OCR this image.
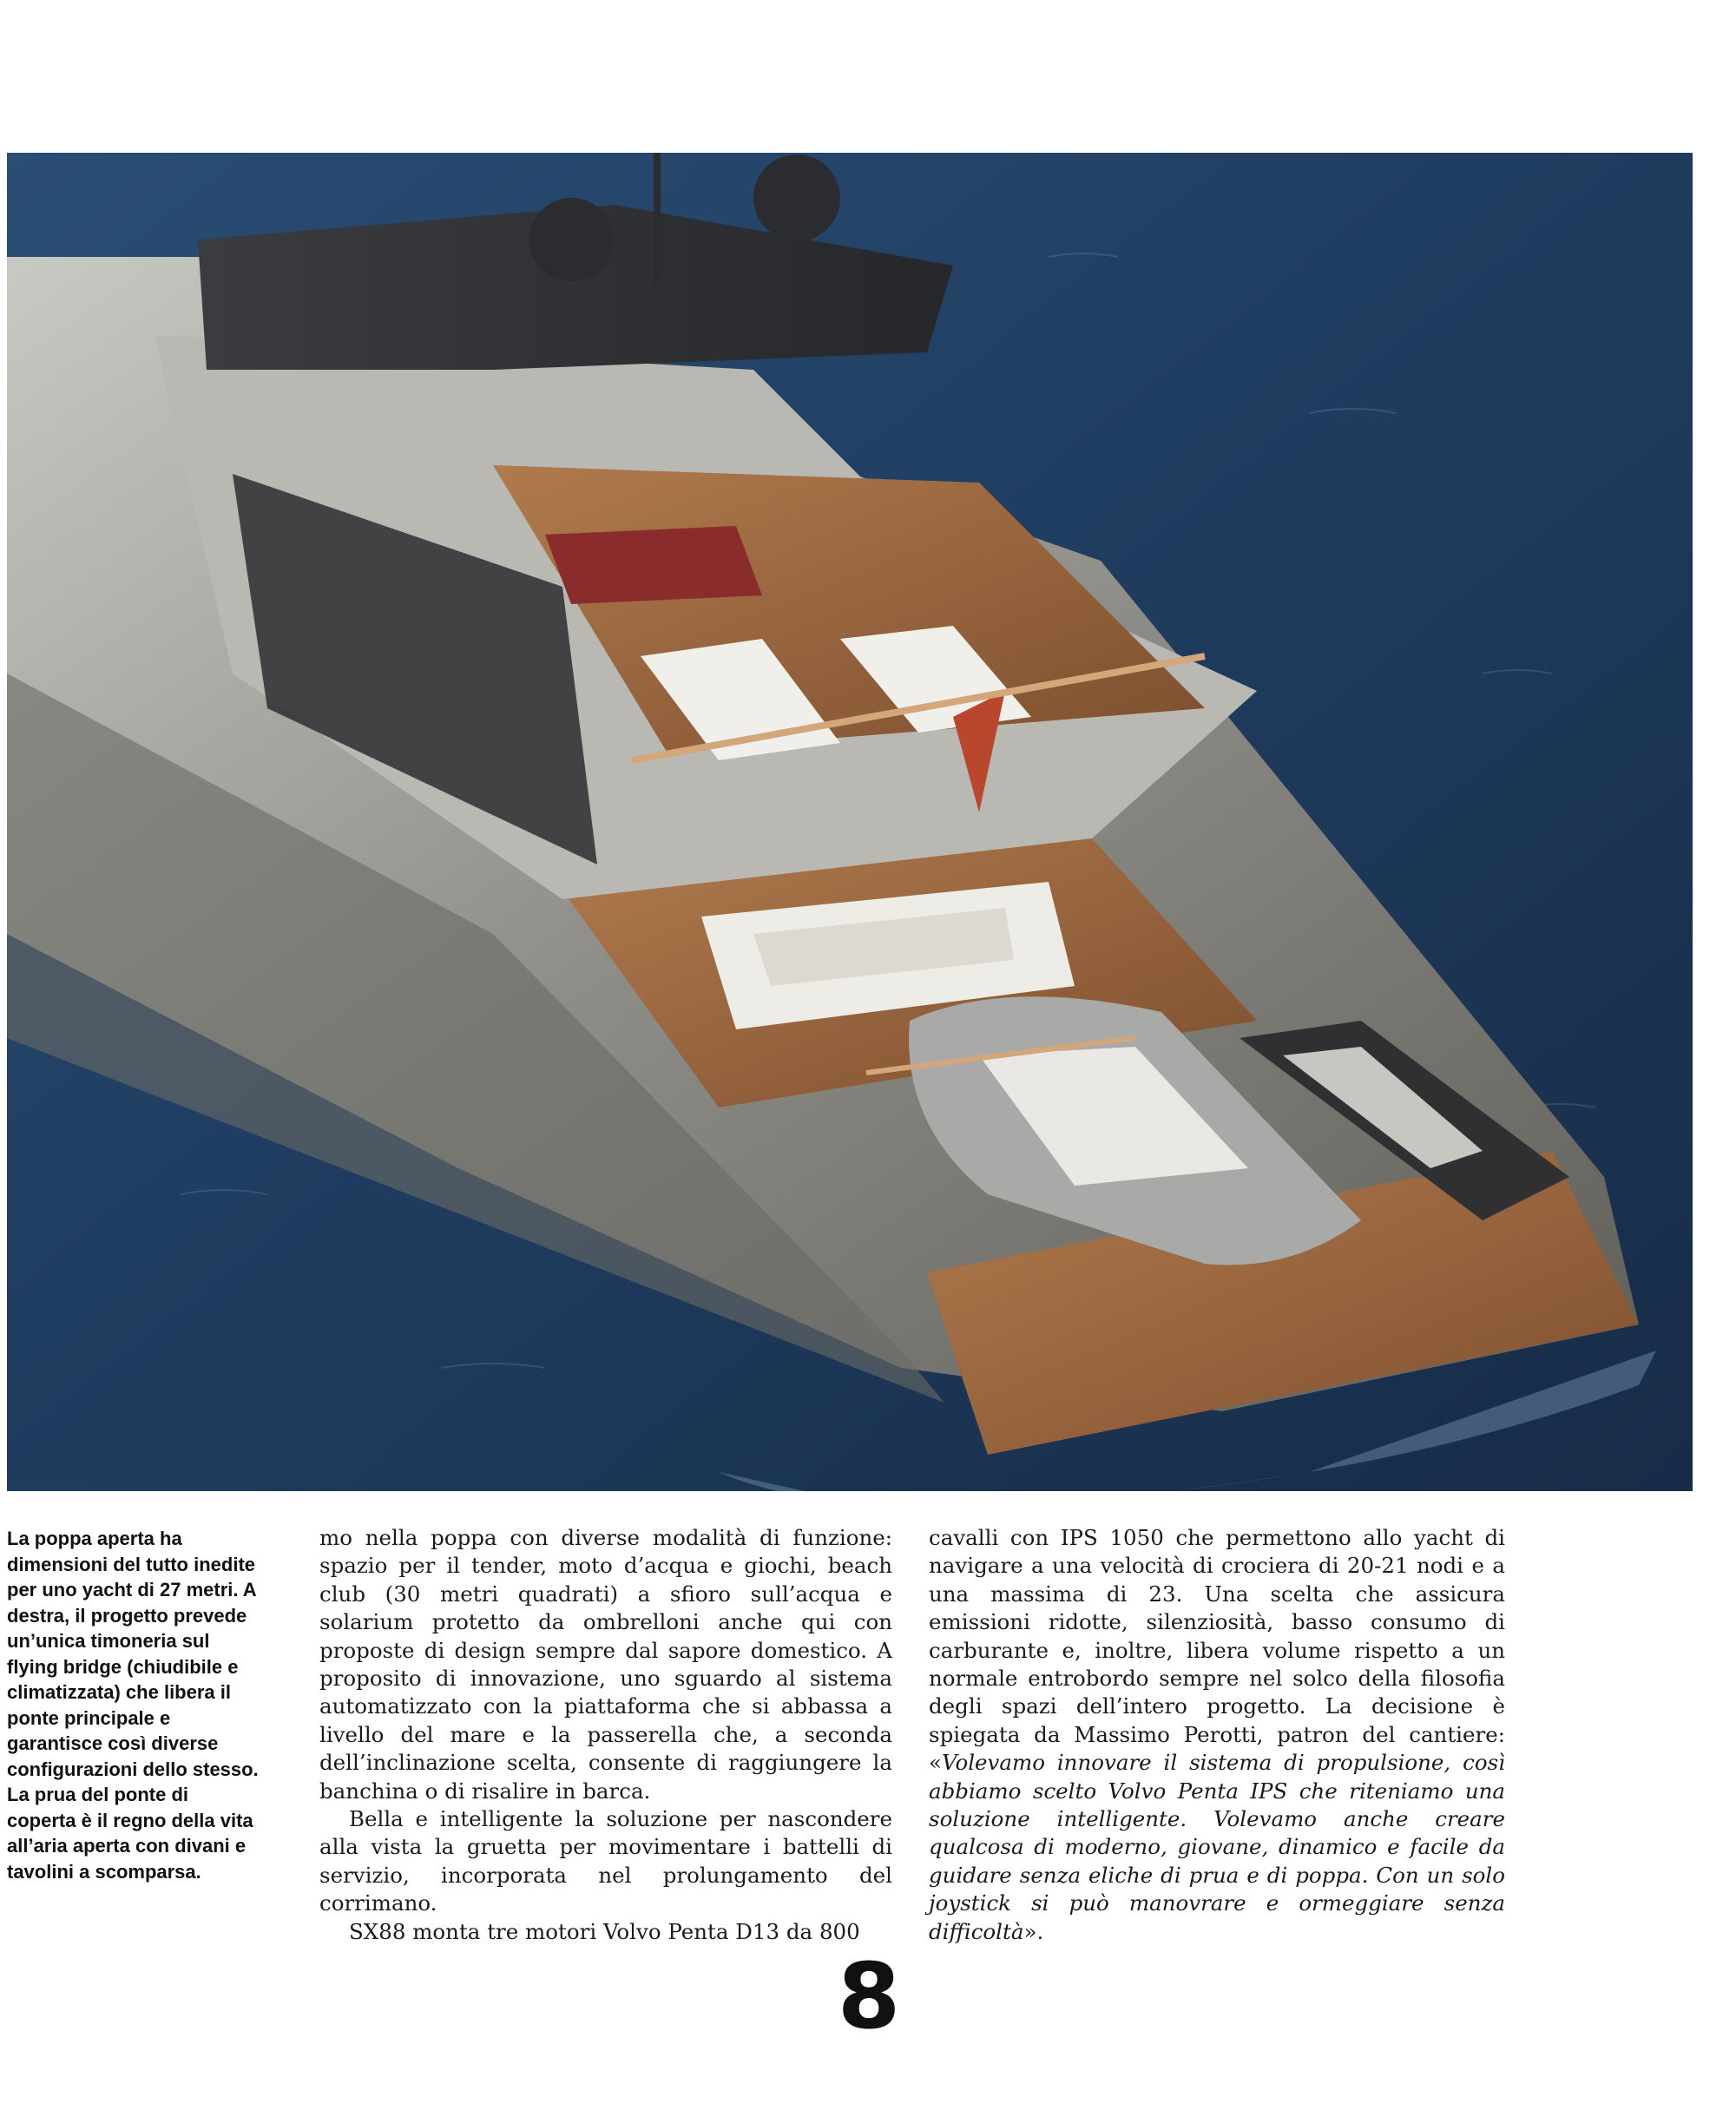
La poppa aperta ha dimensioni del tutto inedite per uno yacht di 27 metri. A destra, il progetto prevede un’unica timoneria sul flying bridge (chiudibile e climatizzata) che libera il ponte principale e garantisce così diverse configurazioni dello stesso. La prua del ponte di coperta è il regno della vita all’aria aperta con divani e tavolini a scomparsa.

mo nella poppa con diverse modalità di funzione: spazio per il tender, moto d’acqua e giochi, beach club (30 metri quadrati) a sfioro sull’acqua e solarium protetto da ombrelloni anche qui con proposte di design sempre dal sapore domestico. A proposito di innovazione, uno sguardo al sistema automatizzato con la piattaforma che si abbassa a livello del mare e la passerella che, a seconda dell’inclinazione scelta, consente di raggiungere la banchina o di risalire in barca.

Bella e intelligente la soluzione per nascondere alla vista la gruetta per movimentare i battelli di servizio, incorporata nel prolungamento del corrimano.

SX88 monta tre motori Volvo Penta D13 da 800

cavalli con IPS 1050 che permettono allo yacht di navigare a una velocità di crociera di 20-21 nodi e a una massima di 23. Una scelta che assicura emissioni ridotte, silenziosità, basso consumo di carburante e, inoltre, libera volume rispetto a un normale entrobordo sempre nel solco della filosofia degli spazi dell’intero progetto. La decisione è spiegata da Massimo Perotti, patron del cantiere: «Volevamo innovare il sistema di propulsione, così abbiamo scelto Volvo Penta IPS che riteniamo una soluzione intelligente. Volevamo anche creare qualcosa di moderno, giovane, dinamico e facile da guidare senza eliche di prua e di poppa. Con un solo joystick si può manovrare e ormeggiare senza difficoltà».

8
